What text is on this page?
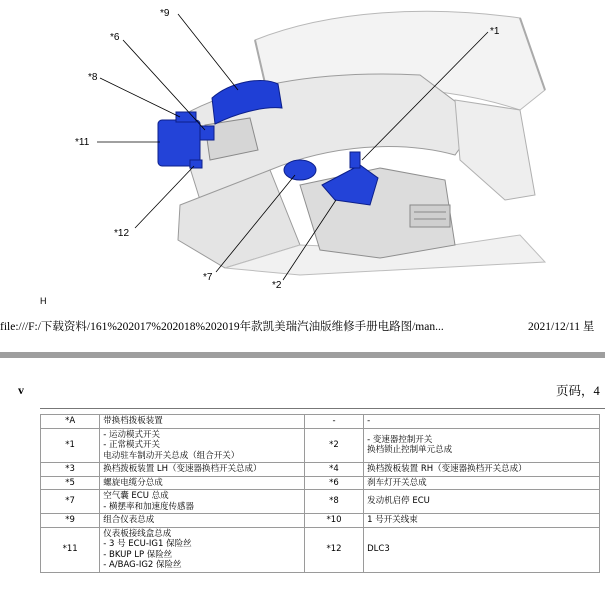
*9
*6
*8
*11
*12
*7
*2
*1
H
file:///F:/下载资料/161%202017%202018%202019年款凯美瑞汽油版维修手册电路图/man...	2021/12/11 星
v	页码，4
*A	带换档拨板装置	-	-

*1	- 运动模式开关
- 正常模式开关
电动驻车制动开关总成（组合开关）	*2	- 变速器控制开关
换档锁止控制单元总成

*3	换档拨板装置 LH（变速器换档开关总成）	*4	换档拨板装置 RH（变速器换档开关总成）

*5	螺旋电缆分总成	*6	刹车灯开关总成

*7	空气囊 ECU 总成
- 横摆率和加速度传感器	*8	发动机启停 ECU

*9	组合仪表总成	*10	1 号开关线束

*11	仪表板接线盒总成
- 3 号 ECU-IG1 保险丝
- BKUP LP 保险丝
- A/BAG-IG2 保险丝	*12	DLC3
